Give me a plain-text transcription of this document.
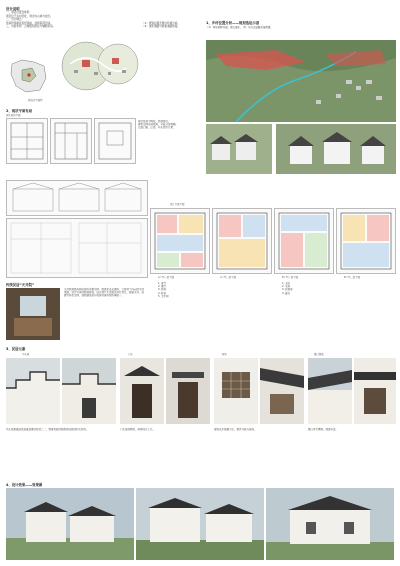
设计说明
一、项目位置及地形：
项目位于乡村旧址，周边为山林与农田。
二、设计理念：
传承传统徽派民居风格，延续院落空间。
三、功能布局：合理组织居住与辅助用房。
（1）规划总图及周边环境分析。
（2）现状道路与新建道路衔接。
规划总平面图
1、乡村位置分析——规划选址示意
（1）场地视野开阔，背山面水。（2）与村庄道路衔接便捷。
2、现状平面布局
现状民居平面
现状民居为两层，院落围合。
建筑空间布局紧凑，功能分区明确。
立面门窗、山墙、马头墙等元素。
设计方案平面
传统民居“天井院”
天井院落是传统民居的重要空间，既满足采光通风，又营造了内向的生活氛围。设计中延续院落格局，结合现代生活需求进行优化，保留天井、连廊等特色空间，使新建民居与传统村落风貌协调统一。
A户型一层平面	A户型二层平面	B户型一层平面	B户型二层平面
1. 客厅
2. 餐厅
3. 厨房
4. 卧室
5. 卫生间
1. 主卧
2. 书房
3. 起居室
4. 露台
3、民居元素
马头墙	门头	窗饰	檐口细部
马头墙是徽派民居最显著的特征之一，错落有致的轮廓形成独特的天际线。	门头装饰精美，体现地方工艺。	窗饰以木格栅为主，兼具功能与装饰。	檐口青瓦叠砌，细部丰富。
4、设计效果——效果图
